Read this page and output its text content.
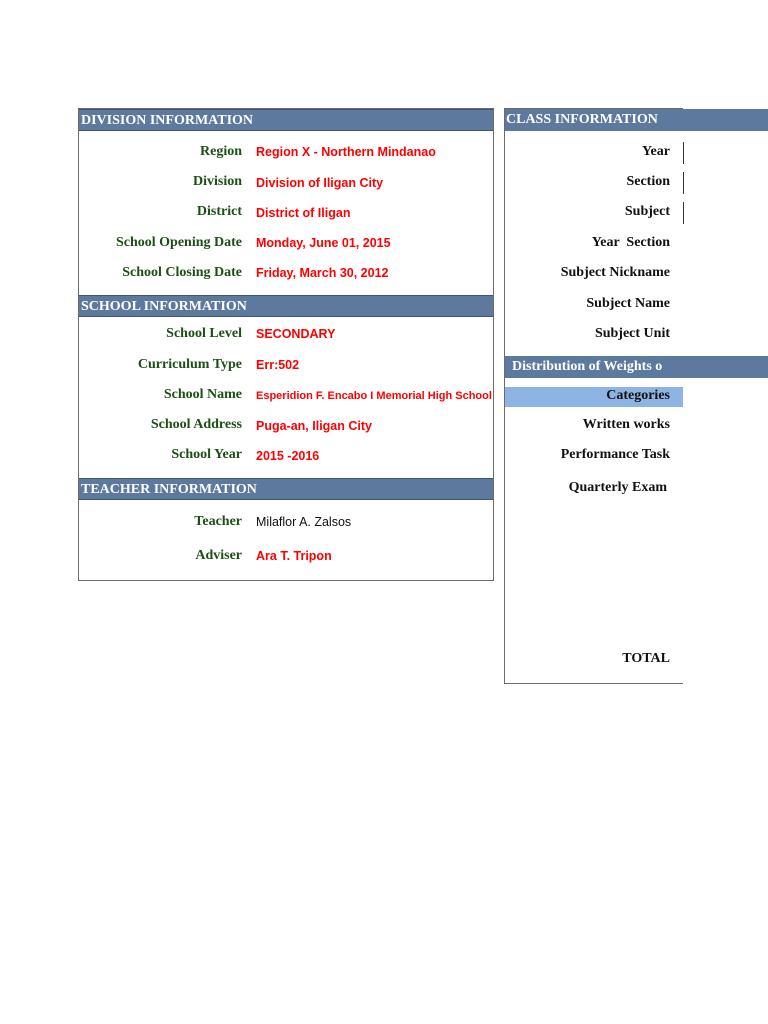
DIVISION INFORMATION
SCHOOL INFORMATION
TEACHER INFORMATION
Region Region X - Northern Mindanao
Division Division of Iligan City
District District of Iligan
School Opening Date Monday, June 01, 2015
School Closing Date Friday, March 30, 2012
School Level SECONDARY
Curriculum Type Err:502
School Name Esperidion F. Encabo I Memorial High School
School Address Puga-an, Iligan City
School Year 2015 -2016
Teacher Milaflor A. Zalsos
Adviser Ara T. Tripon
CLASS INFORMATION
Year
Section
Subject
Year  Section
Subject Nickname
Subject Name
Subject Unit
Distribution of Weights o
Categories
Written works
Performance Task
Quarterly Exam
TOTAL
